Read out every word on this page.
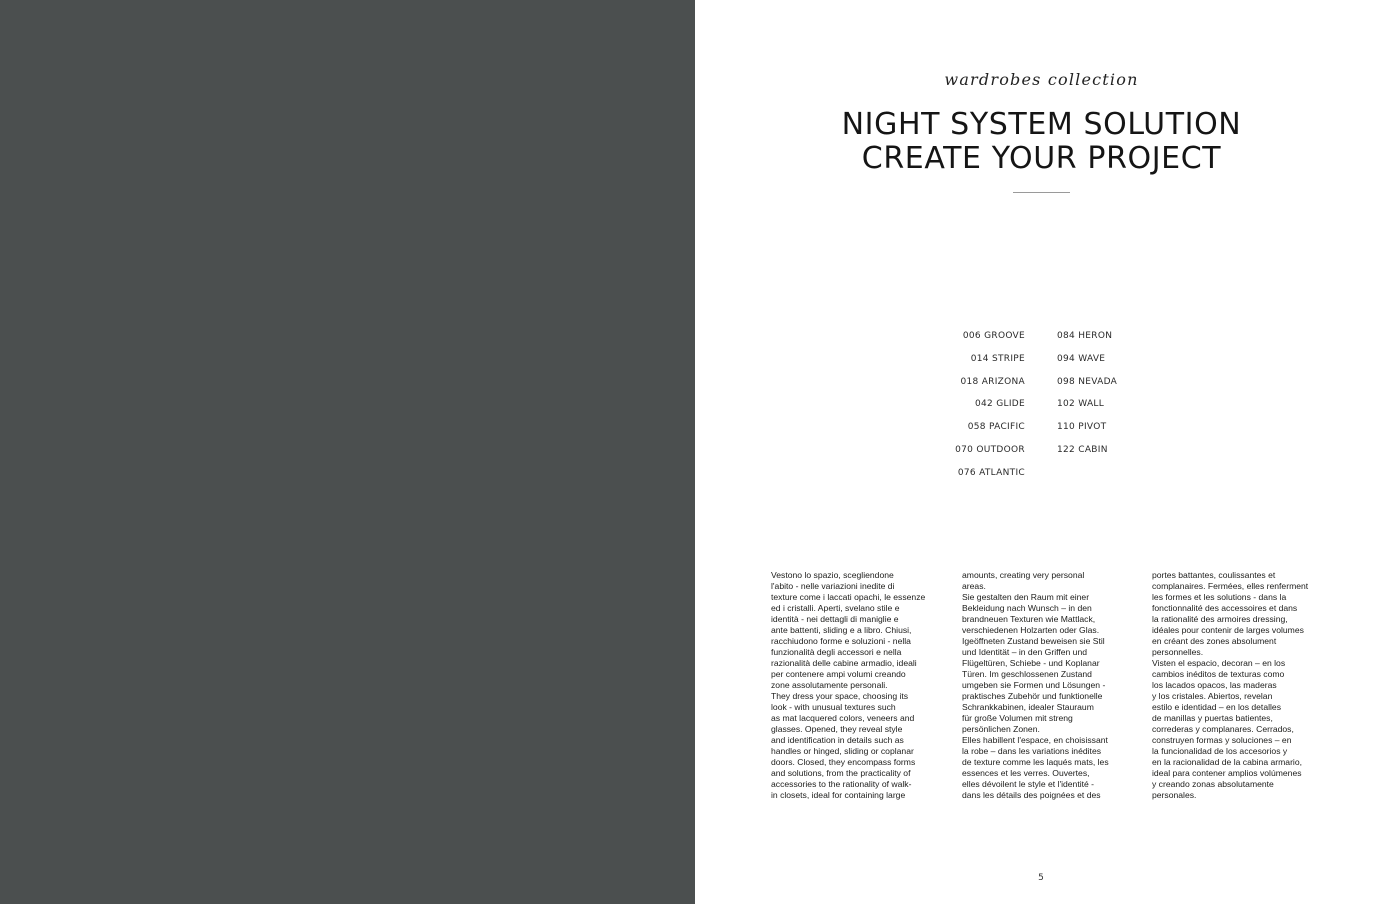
wardrobes collection
NIGHT SYSTEM SOLUTION
CREATE YOUR PROJECT
006 GROOVE
014 STRIPE
018 ARIZONA
042 GLIDE
058 PACIFIC
070 OUTDOOR
076 ATLANTIC
084 HERON
094 WAVE
098 NEVADA
102 WALL
110 PIVOT
122 CABIN
Vestono lo spazio, scegliendone
l'abito - nelle variazioni inedite di
texture come i laccati opachi, le essenze
ed i cristalli. Aperti, svelano stile e
identità - nei dettagli di maniglie e
ante battenti, sliding e a libro. Chiusi,
racchiudono forme e soluzioni - nella
funzionalità degli accessori e nella
razionalità delle cabine armadio, ideali
per contenere ampi volumi creando
zone assolutamente personali.
They dress your space, choosing its
look - with unusual textures such
as mat lacquered colors, veneers and
glasses. Opened, they reveal style
and identification in details such as
handles or hinged, sliding or coplanar
doors. Closed, they encompass forms
and solutions, from the practicality of
accessories to the rationality of walk-
in closets, ideal for containing large
amounts, creating very personal
areas.
Sie gestalten den Raum mit einer
Bekleidung nach Wunsch – in den
brandneuen Texturen wie Mattlack,
verschiedenen Holzarten oder Glas.
Igeöffneten Zustand beweisen sie Stil
und Identität – in den Griffen und
Flügeltüren, Schiebe - und Koplanar
Türen. Im geschlossenen Zustand
umgeben sie Formen und Lösungen -
praktisches Zubehör und funktionelle
Schrankkabinen, idealer Stauraum
für große Volumen mit streng
persönlichen Zonen.
Elles habillent l'espace, en choisissant
la robe – dans les variations inédites
de texture comme les laqués mats, les
essences et les verres. Ouvertes,
elles dévoilent le style et l'identité -
dans les détails des poignées et des
portes battantes, coulissantes et
complanaires. Fermées, elles renferment
les formes et les solutions - dans la
fonctionnalité des accessoires et dans
la rationalité des armoires dressing,
idéales pour contenir de larges volumes
en créant des zones absolument
personnelles.
Visten el espacio, decoran – en los
cambios inéditos de texturas como
los lacados opacos, las maderas
y los cristales. Abiertos, revelan
estilo e identidad – en los detalles
de manillas y puertas batientes,
correderas y complanares. Cerrados,
construyen formas y soluciones – en
la funcionalidad de los accesorios y
en la racionalidad de la cabina armario,
ideal para contener amplios volúmenes
y creando zonas absolutamente
personales.
5
